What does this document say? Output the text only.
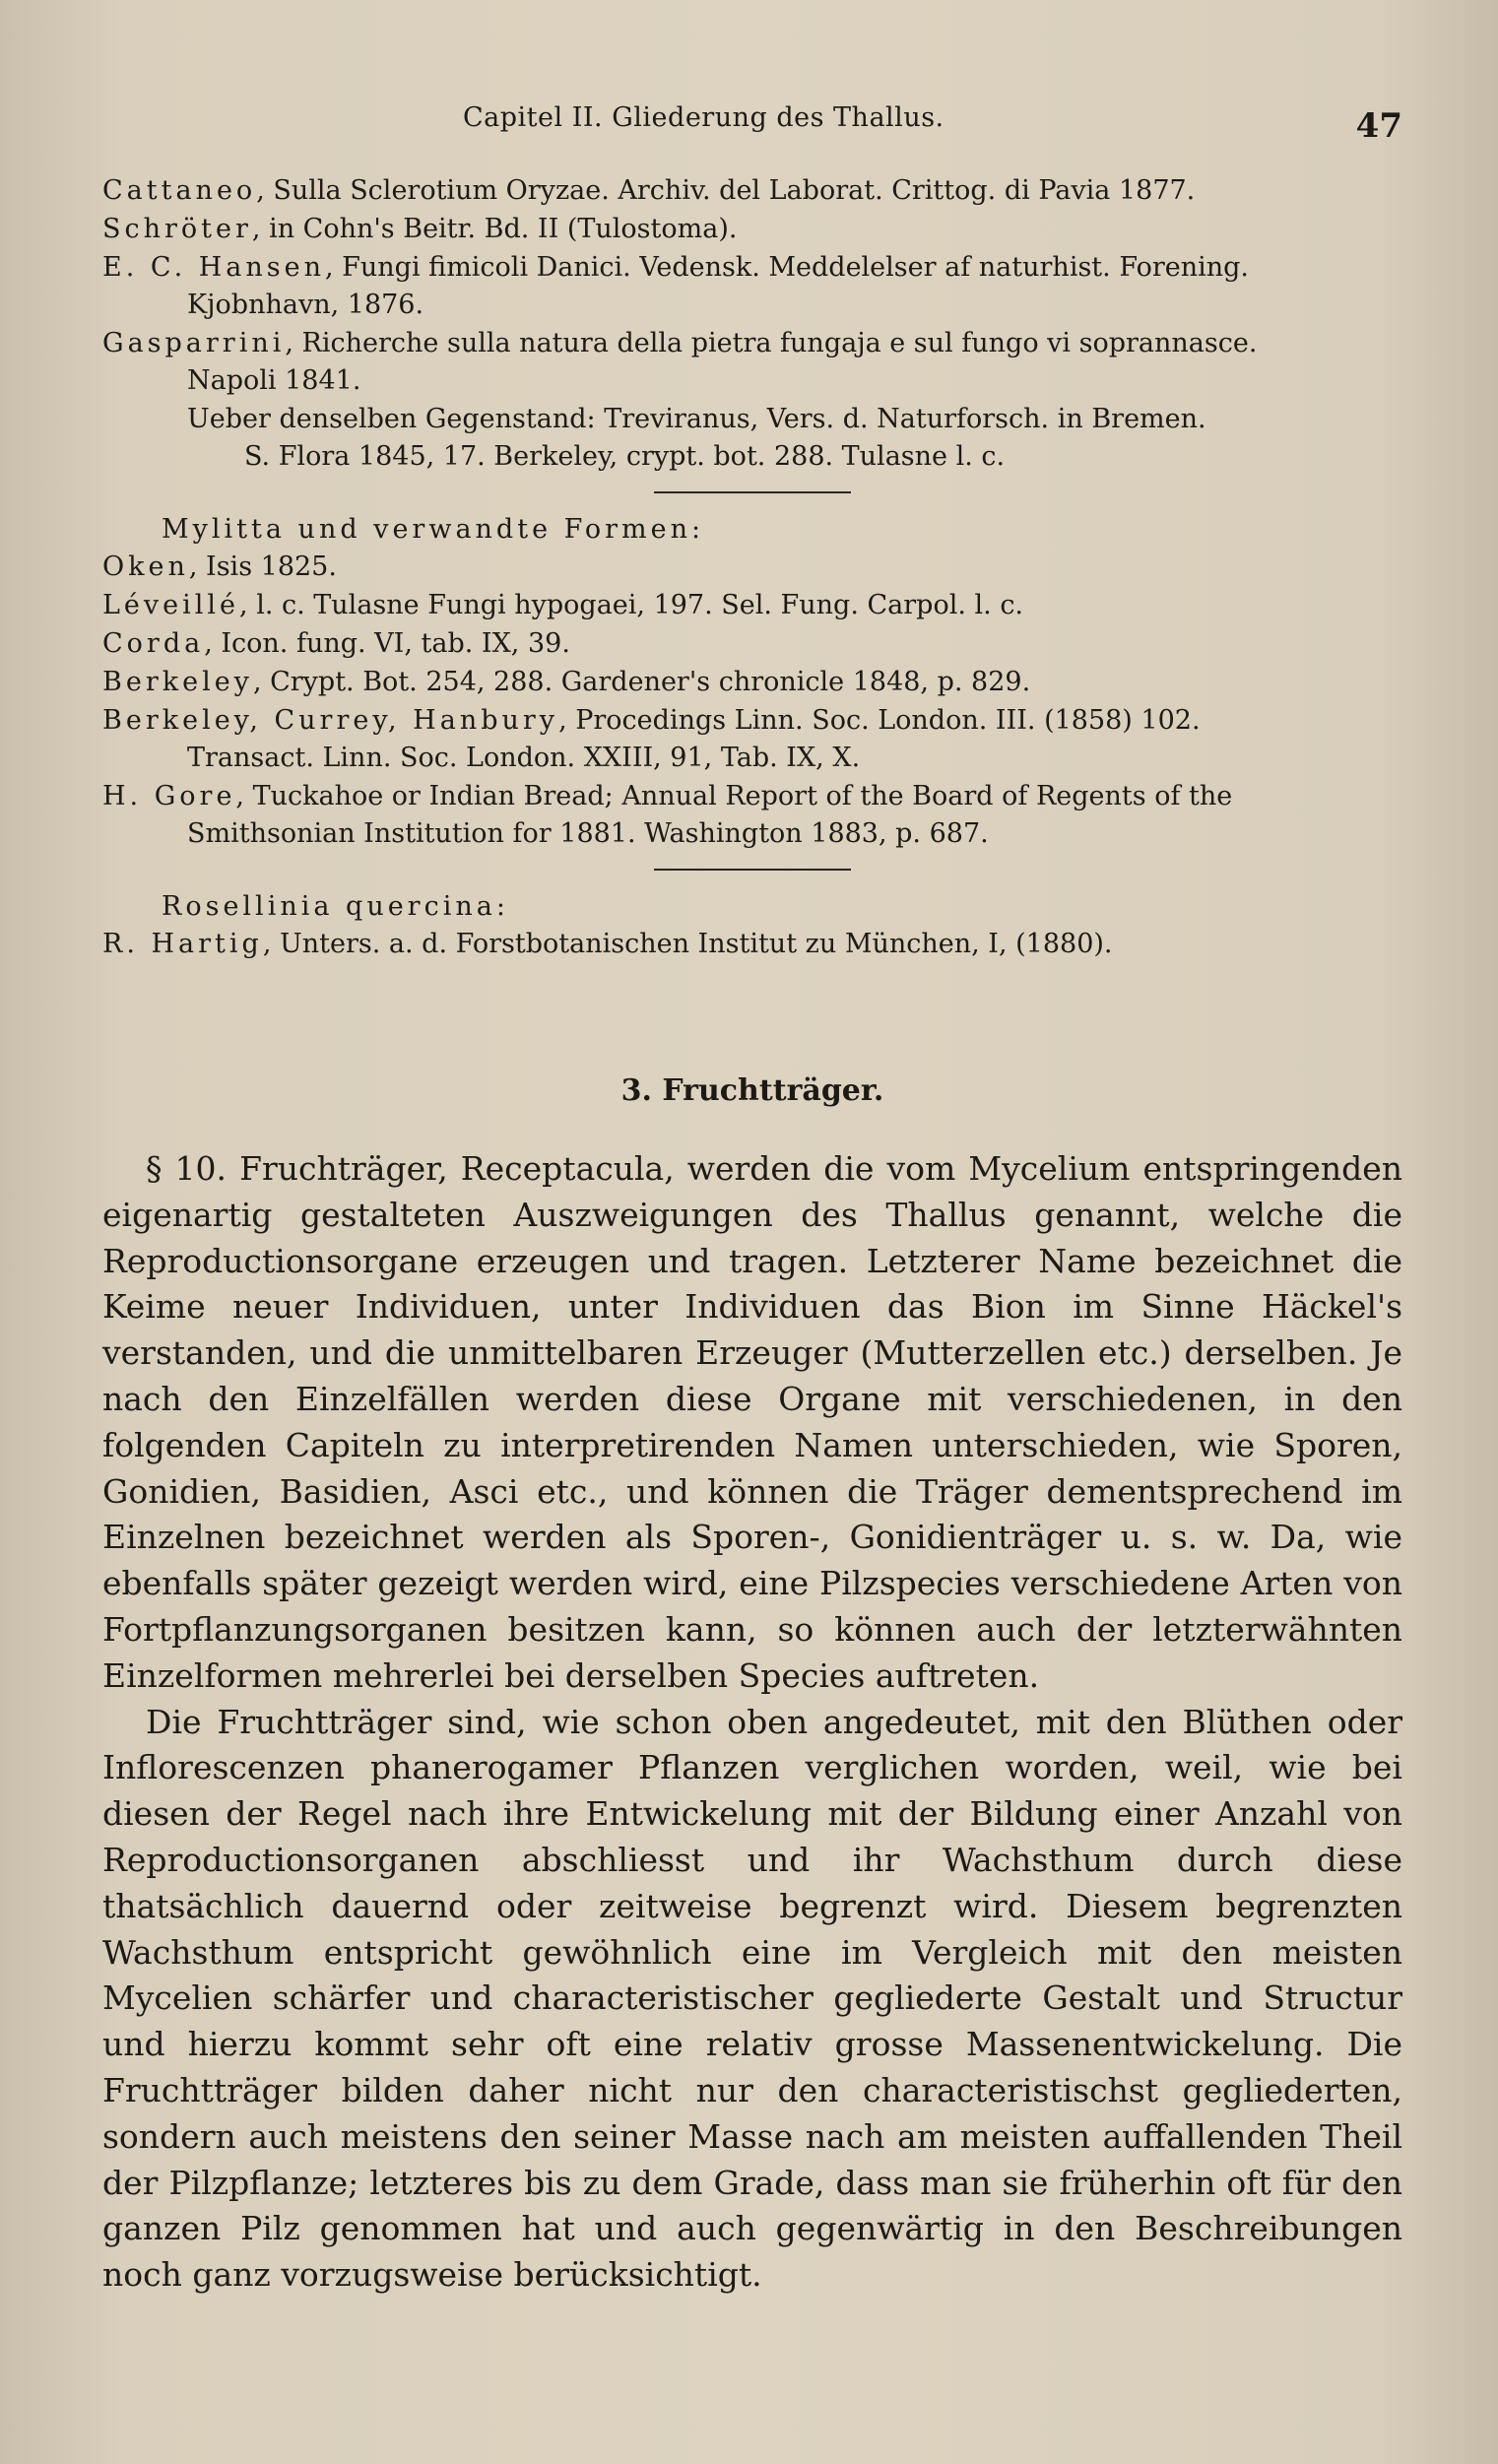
Capitel II. Gliederung des Thallus.	47
Cattaneo, Sulla Sclerotium Oryzae. Archiv. del Laborat. Crittog. di Pavia 1877.
Schröter, in Cohn's Beitr. Bd. II (Tulostoma).
E. C. Hansen, Fungi fimicoli Danici. Vedensk. Meddelelser af naturhist. Forening.
Kjobnhavn, 1876.
Gasparrini, Richerche sulla natura della pietra fungaja e sul fungo vi soprannasce.
Napoli 1841.
Ueber denselben Gegenstand: Treviranus, Vers. d. Naturforsch. in Bremen.
S. Flora 1845, 17. Berkeley, crypt. bot. 288. Tulasne l. c.
Mylitta und verwandte Formen:
Oken, Isis 1825.
Léveillé, l. c. Tulasne Fungi hypogaei, 197. Sel. Fung. Carpol. l. c.
Corda, Icon. fung. VI, tab. IX, 39.
Berkeley, Crypt. Bot. 254, 288. Gardener's chronicle 1848, p. 829.
Berkeley, Currey, Hanbury, Procedings Linn. Soc. London. III. (1858) 102.
Transact. Linn. Soc. London. XXIII, 91, Tab. IX, X.
H. Gore, Tuckahoe or Indian Bread; Annual Report of the Board of Regents of the
Smithsonian Institution for 1881. Washington 1883, p. 687.
Rosellinia quercina:
R. Hartig, Unters. a. d. Forstbotanischen Institut zu München, I, (1880).
3. Fruchtträger.

§ 10. Fruchträger, Receptacula, werden die vom Mycelium entspringenden eigenartig gestalteten Auszweigungen des Thallus genannt, welche die Reproductionsorgane erzeugen und tragen. Letzterer Name bezeichnet die Keime neuer Individuen, unter Individuen das Bion im Sinne Häckel's verstanden, und die unmittelbaren Erzeuger (Mutterzellen etc.) derselben. Je nach den Einzelfällen werden diese Organe mit verschiedenen, in den folgenden Capiteln zu interpretirenden Namen unterschieden, wie Sporen, Gonidien, Basidien, Asci etc., und können die Träger dementsprechend im Einzelnen bezeichnet werden als Sporen-, Gonidienträger u. s. w. Da, wie ebenfalls später gezeigt werden wird, eine Pilzspecies verschiedene Arten von Fortpflanzungsorganen besitzen kann, so können auch der letzterwähnten Einzelformen mehrerlei bei derselben Species auftreten.

Die Fruchtträger sind, wie schon oben angedeutet, mit den Blüthen oder Inflorescenzen phanerogamer Pflanzen verglichen worden, weil, wie bei diesen der Regel nach ihre Entwickelung mit der Bildung einer Anzahl von Reproductionsorganen abschliesst und ihr Wachsthum durch diese thatsächlich dauernd oder zeitweise begrenzt wird. Diesem begrenzten Wachsthum entspricht gewöhnlich eine im Vergleich mit den meisten Mycelien schärfer und characteristischer gegliederte Gestalt und Structur und hierzu kommt sehr oft eine relativ grosse Massenentwickelung. Die Fruchtträger bilden daher nicht nur den characteristischst gegliederten, sondern auch meistens den seiner Masse nach am meisten auffallenden Theil der Pilzpflanze; letzteres bis zu dem Grade, dass man sie früherhin oft für den ganzen Pilz genommen hat und auch gegenwärtig in den Beschreibungen noch ganz vorzugsweise berücksichtigt.
